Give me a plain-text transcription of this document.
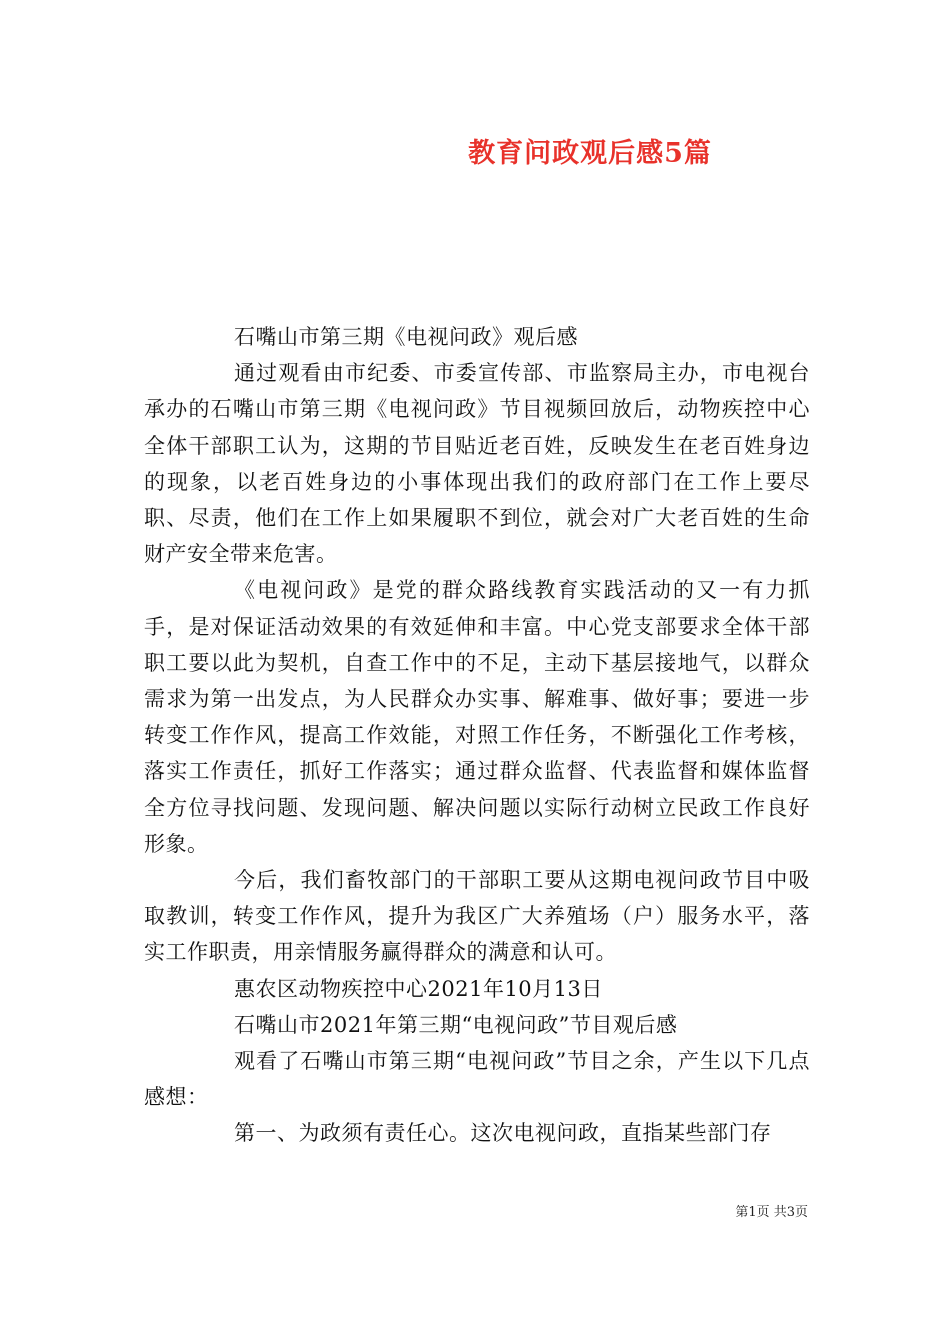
教育问政观后感5篇

石嘴山市第三期《电视问政》观后感

通过观看由市纪委、市委宣传部、市监察局主办，市电视台承办的石嘴山市第三期《电视问政》节目视频回放后，动物疾控中心全体干部职工认为，这期的节目贴近老百姓，反映发生在老百姓身边的现象，以老百姓身边的小事体现出我们的政府部门在工作上要尽职、尽责，他们在工作上如果履职不到位，就会对广大老百姓的生命财产安全带来危害。

《电视问政》是党的群众路线教育实践活动的又一有力抓手，是对保证活动效果的有效延伸和丰富。中心党支部要求全体干部职工要以此为契机，自查工作中的不足，主动下基层接地气，以群众需求为第一出发点，为人民群众办实事、解难事、做好事；要进一步转变工作作风，提高工作效能，对照工作任务，不断强化工作考核，落实工作责任，抓好工作落实；通过群众监督、代表监督和媒体监督全方位寻找问题、发现问题、解决问题以实际行动树立民政工作良好形象。

今后，我们畜牧部门的干部职工要从这期电视问政节目中吸取教训，转变工作作风，提升为我区广大养殖场（户）服务水平，落实工作职责，用亲情服务赢得群众的满意和认可。

惠农区动物疾控中心2021年10月13日

石嘴山市2021年第三期“电视问政”节目观后感

观看了石嘴山市第三期“电视问政”节目之余，产生以下几点感想：

第一、为政须有责任心。这次电视问政，直指某些部门存

第1页 共3页
